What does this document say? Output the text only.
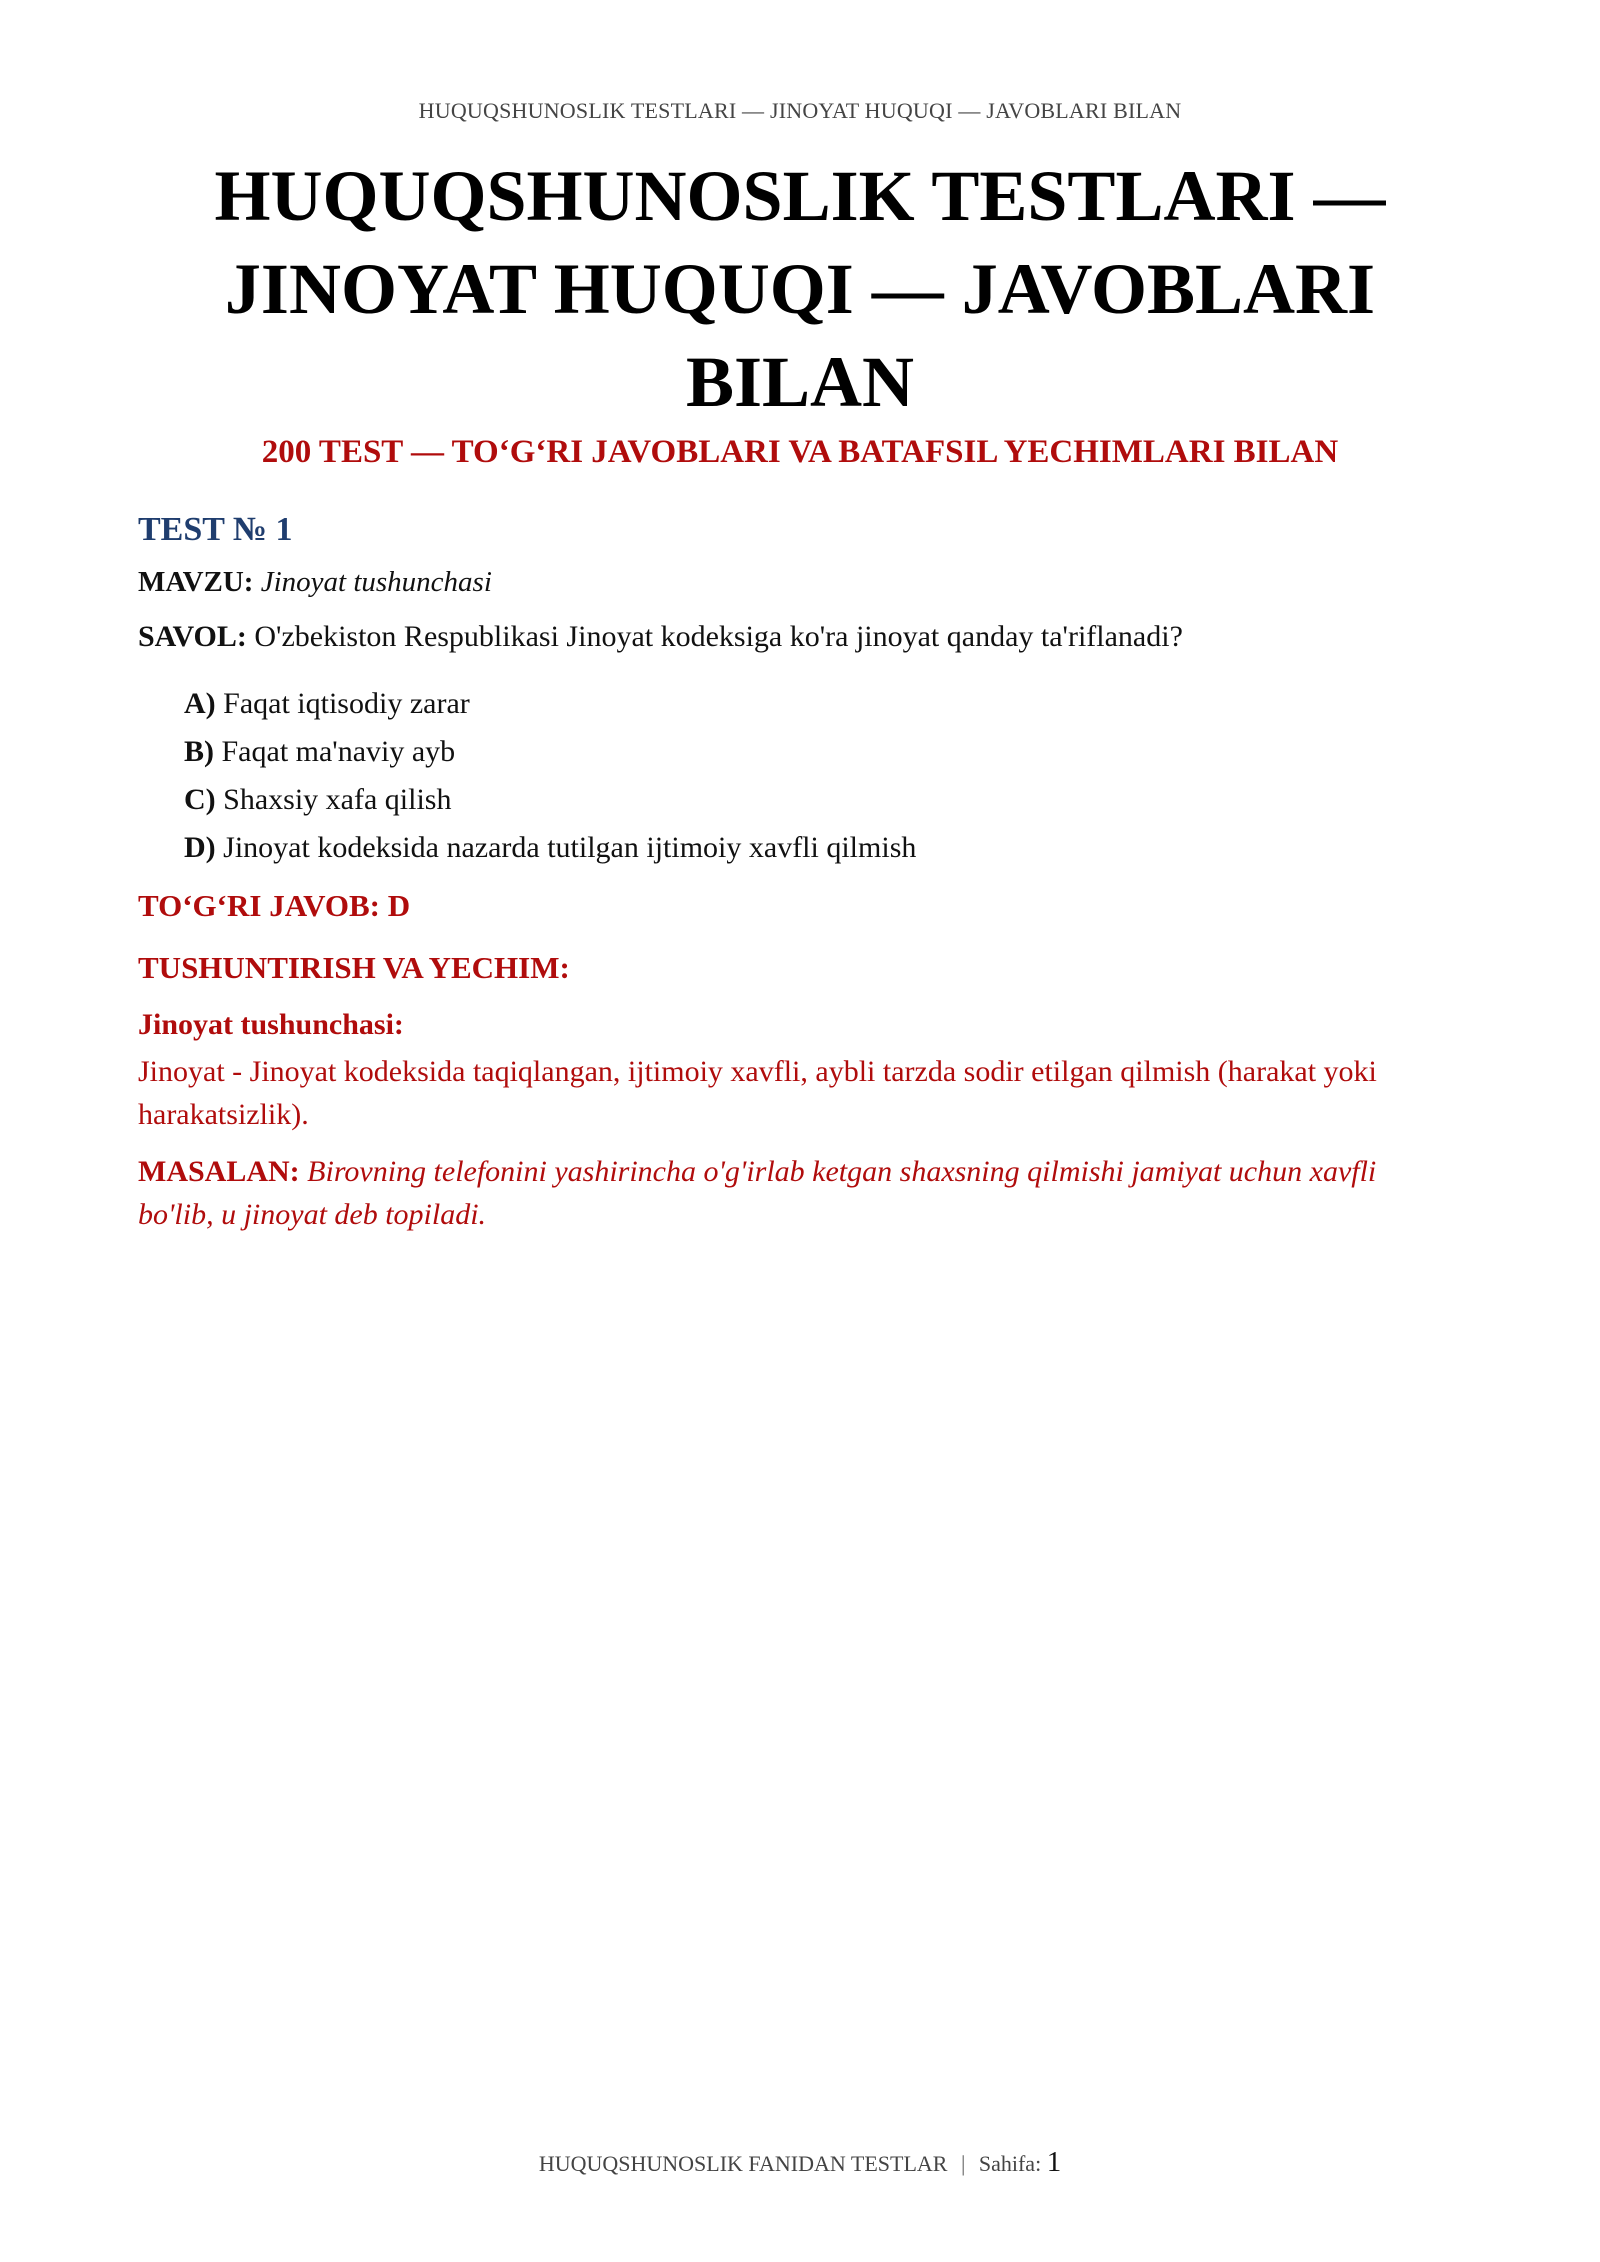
HUQUQSHUNOSLIK TESTLARI — JINOYAT HUQUQI — JAVOBLARI BILAN
HUQUQSHUNOSLIK TESTLARI — JINOYAT HUQUQI — JAVOBLARI BILAN
200 TEST — TO‘G‘RI JAVOBLARI VA BATAFSIL YECHIMLARI BILAN
TEST № 1
MAVZU: Jinoyat tushunchasi
SAVOL: O'zbekiston Respublikasi Jinoyat kodeksiga ko'ra jinoyat qanday ta'riflanadi?
A) Faqat iqtisodiy zarar
B) Faqat ma'naviy ayb
C) Shaxsiy xafa qilish
D) Jinoyat kodeksida nazarda tutilgan ijtimoiy xavfli qilmish
TO‘G‘RI JAVOB: D
TUSHUNTIRISH VA YECHIM:
Jinoyat tushunchasi:

Jinoyat - Jinoyat kodeksida taqiqlangan, ijtimoiy xavfli, aybli tarzda sodir etilgan qilmish (harakat yoki harakatsizlik).

MASALAN: Birovning telefonini yashirincha o'g'irlab ketgan shaxsning qilmishi jamiyat uchun xavfli bo'lib, u jinoyat deb topiladi.

HUQUQSHUNOSLIK FANIDAN TESTLAR | Sahifa: 1
